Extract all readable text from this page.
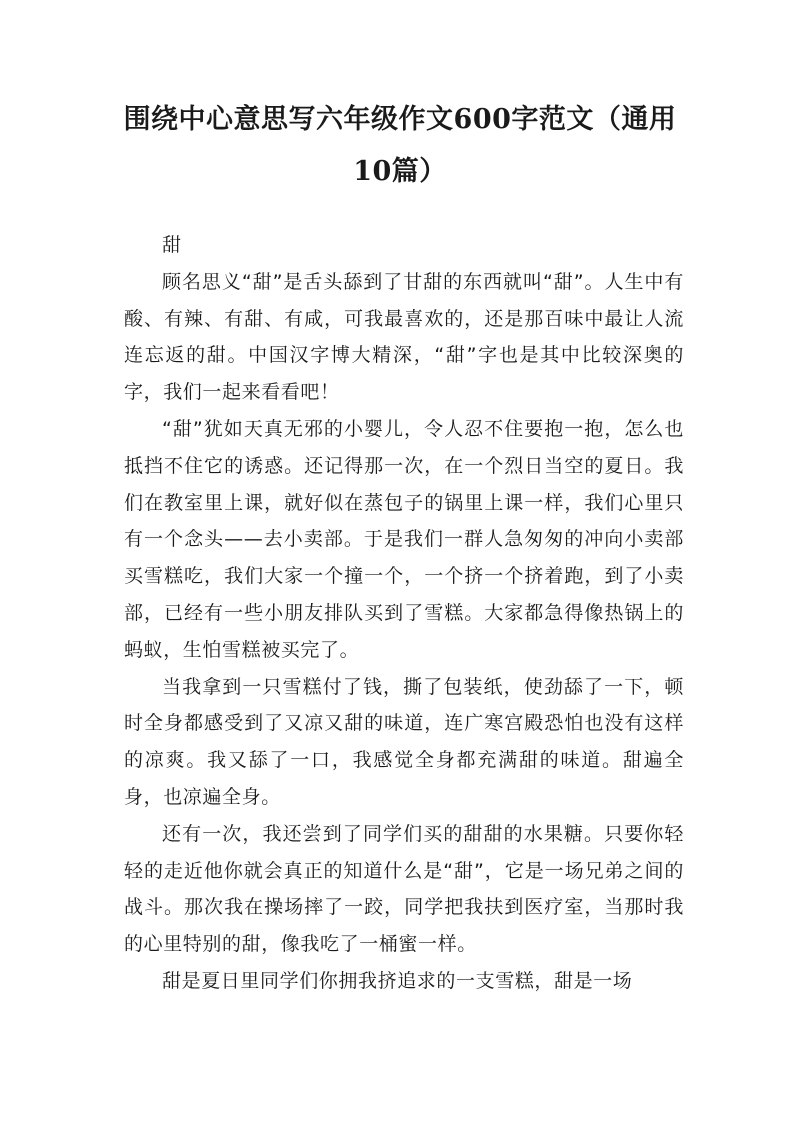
围绕中心意思写六年级作文600字范文（通用10篇）

甜

顾名思义“甜”是舌头舔到了甘甜的东西就叫“甜”。人生中有酸、有辣、有甜、有咸，可我最喜欢的，还是那百味中最让人流连忘返的甜。中国汉字博大精深，“甜”字也是其中比较深奥的字，我们一起来看看吧！

“甜”犹如天真无邪的小婴儿，令人忍不住要抱一抱，怎么也抵挡不住它的诱惑。还记得那一次，在一个烈日当空的夏日。我们在教室里上课，就好似在蒸包子的锅里上课一样，我们心里只有一个念头——去小卖部。于是我们一群人急匆匆的冲向小卖部买雪糕吃，我们大家一个撞一个，一个挤一个挤着跑，到了小卖部，已经有一些小朋友排队买到了雪糕。大家都急得像热锅上的蚂蚁，生怕雪糕被买完了。

当我拿到一只雪糕付了钱，撕了包装纸，使劲舔了一下，顿时全身都感受到了又凉又甜的味道，连广寒宫殿恐怕也没有这样的凉爽。我又舔了一口，我感觉全身都充满甜的味道。甜遍全身，也凉遍全身。

还有一次，我还尝到了同学们买的甜甜的水果糖。只要你轻轻的走近他你就会真正的知道什么是“甜”，它是一场兄弟之间的战斗。那次我在操场摔了一跤，同学把我扶到医疗室，当那时我的心里特别的甜，像我吃了一桶蜜一样。

甜是夏日里同学们你拥我挤追求的一支雪糕，甜是一场
